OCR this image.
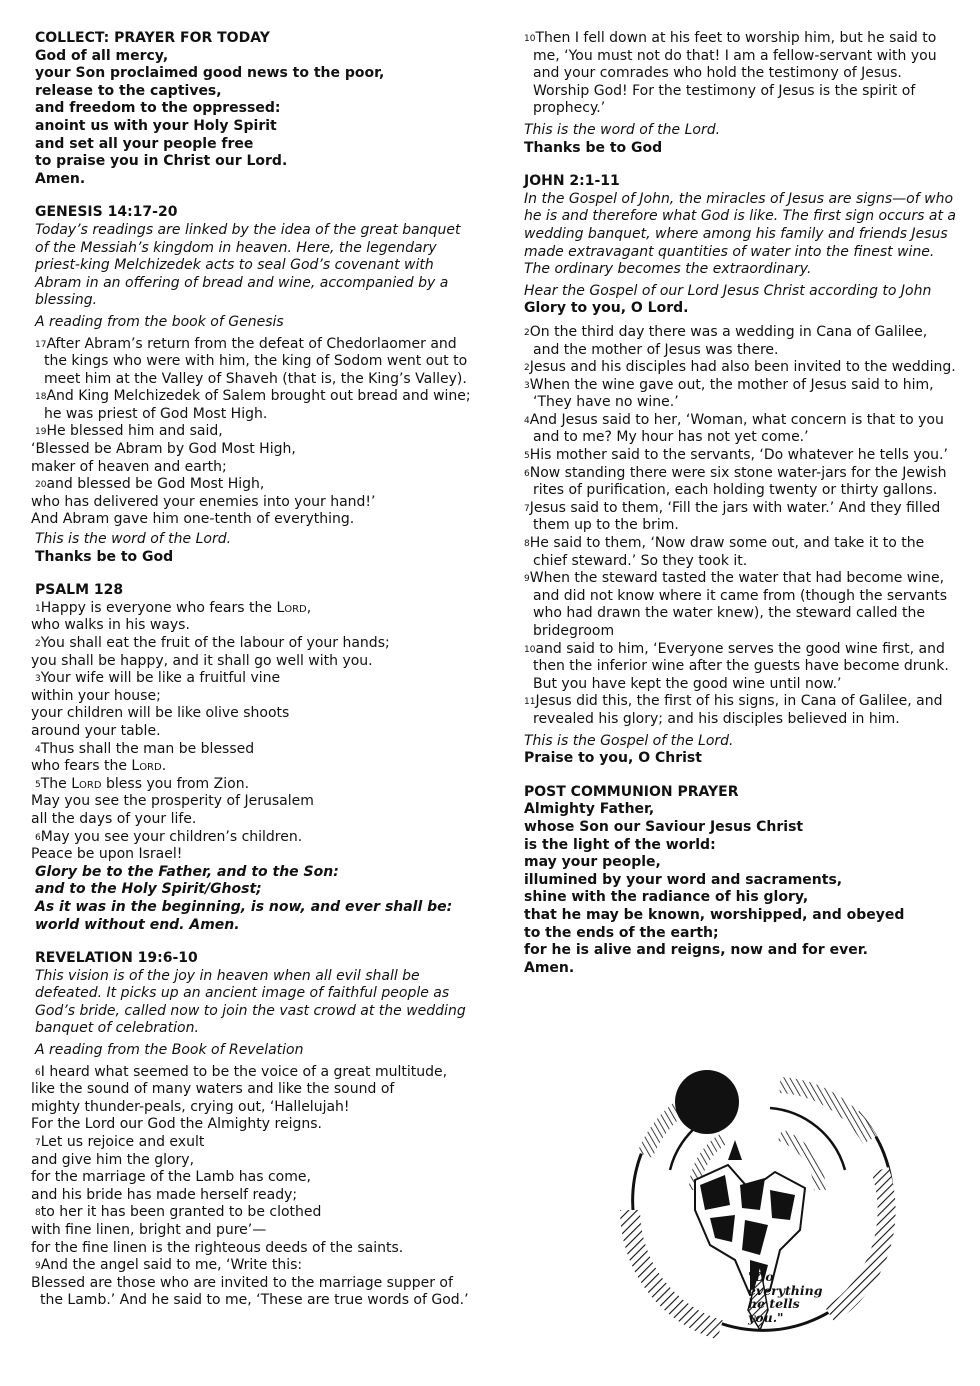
COLLECT: PRAYER FOR TODAY
God of all mercy,
your Son proclaimed good news to the poor,
release to the captives,
and freedom to the oppressed:
anoint us with your Holy Spirit
and set all your people free
to praise you in Christ our Lord.
Amen.
GENESIS 14:17-20
Today’s readings are linked by the idea of the great banquet of the Messiah’s kingdom in heaven. Here, the legendary priest-king Melchizedek acts to seal God’s covenant with Abram in an offering of bread and wine, accompanied by a blessing.
A reading from the book of Genesis
$^{17}$After Abram’s return from the defeat of Chedorlaomer and the kings who were with him, the king of Sodom went out to meet him at the Valley of Shaveh (that is, the King’s Valley).
$^{18}$And King Melchizedek of Salem brought out bread and wine; he was priest of God Most High.
$^{19}$He blessed him and said,
‘Blessed be Abram by God Most High,
maker of heaven and earth;
$^{20}$and blessed be God Most High,
who has delivered your enemies into your hand!’
And Abram gave him one-tenth of everything.
This is the word of the Lord.
Thanks be to God
PSALM 128
$^1$Happy is everyone who fears the Lord,
who walks in his ways.
$^2$You shall eat the fruit of the labour of your hands;
you shall be happy, and it shall go well with you.
$^3$Your wife will be like a fruitful vine
within your house;
your children will be like olive shoots
around your table.
$^4$Thus shall the man be blessed
who fears the Lord.
$^5$The Lord bless you from Zion.
May you see the prosperity of Jerusalem
all the days of your life.
$^6$May you see your children’s children.
Peace be upon Israel!
Glory be to the Father, and to the Son:
and to the Holy Spirit/Ghost;
As it was in the beginning, is now, and ever shall be:
world without end. Amen.
REVELATION 19:6-10
This vision is of the joy in heaven when all evil shall be defeated. It picks up an ancient image of faithful people as God’s bride, called now to join the vast crowd at the wedding banquet of celebration.
A reading from the Book of Revelation
$^6$I heard what seemed to be the voice of a great multitude,
like the sound of many waters and like the sound of
mighty thunder-peals, crying out, ‘Hallelujah!
For the Lord our God the Almighty reigns.
$^7$Let us rejoice and exult
and give him the glory,
for the marriage of the Lamb has come,
and his bride has made herself ready;
$^8$to her it has been granted to be clothed
with fine linen, bright and pure’—
for the fine linen is the righteous deeds of the saints.
$^9$And the angel said to me, ‘Write this:
Blessed are those who are invited to the marriage supper of the Lamb.’ And he said to me, ‘These are true words of God.’
$^{10}$Then I fell down at his feet to worship him, but he said to me, ‘You must not do that! I am a fellow-servant with you and your comrades who hold the testimony of Jesus. Worship God! For the testimony of Jesus is the spirit of prophecy.’
This is the word of the Lord.
Thanks be to God
JOHN 2:1-11
In the Gospel of John, the miracles of Jesus are signs—of who he is and therefore what God is like. The first sign occurs at a wedding banquet, where among his family and friends Jesus made extravagant quantities of water into the finest wine. The ordinary becomes the extraordinary.
Hear the Gospel of our Lord Jesus Christ according to John
Glory to you, O Lord.
$^2$On the third day there was a wedding in Cana of Galilee, and the mother of Jesus was there.
$^2$Jesus and his disciples had also been invited to the wedding.
$^3$When the wine gave out, the mother of Jesus said to him, ‘They have no wine.’
$^4$And Jesus said to her, ‘Woman, what concern is that to you and to me? My hour has not yet come.’
$^5$His mother said to the servants, ‘Do whatever he tells you.’
$^6$Now standing there were six stone water-jars for the Jewish rites of purification, each holding twenty or thirty gallons.
$^7$Jesus said to them, ‘Fill the jars with water.’ And they filled them up to the brim.
$^8$He said to them, ‘Now draw some out, and take it to the chief steward.’ So they took it.
$^9$When the steward tasted the water that had become wine, and did not know where it came from (though the servants who had drawn the water knew), the steward called the bridegroom
$^{10}$and said to him, ‘Everyone serves the good wine first, and then the inferior wine after the guests have become drunk. But you have kept the good wine until now.’
$^{11}$Jesus did this, the first of his signs, in Cana of Galilee, and revealed his glory; and his disciples believed in him.
This is the Gospel of the Lord.
Praise to you, O Christ
POST COMMUNION PRAYER
Almighty Father,
whose Son our Saviour Jesus Christ
is the light of the world:
may your people,
illumined by your word and sacraments,
shine with the radiance of his glory,
that he may be known, worshipped, and obeyed
to the ends of the earth;
for he is alive and reigns, now and for ever.
Amen.
"Do
everything
he tells
you."
